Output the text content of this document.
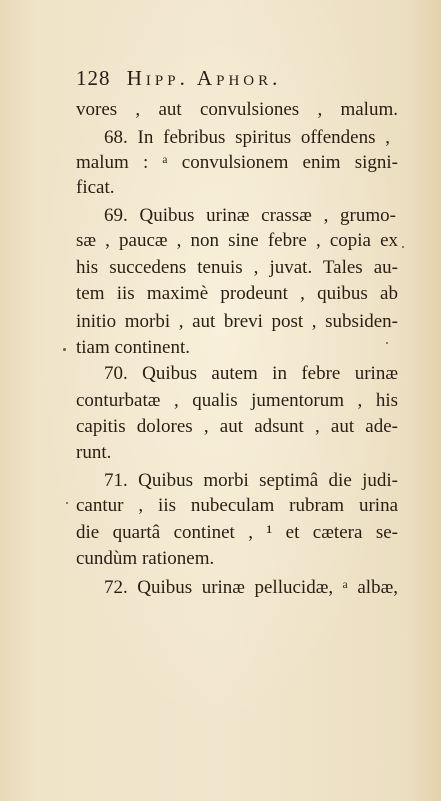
128 Hipp. Aphor.
vores , aut convulsiones , malum.
68. In febribus spiritus offendens ,
malum : ᵃ convulsionem enim signi-
ficat.
69. Quibus urinæ crassæ , grumo-
sæ , paucæ , non sine febre , copia ex
his succedens tenuis , juvat. Tales au-
tem iis maximè prodeunt , quibus ab
initio morbi , aut brevi post , subsiden-
tiam continent.
70. Quibus autem in febre urinæ
conturbatæ , qualis jumentorum , his
capitis dolores , aut adsunt , aut ade-
runt.
71. Quibus morbi septimâ die judi-
cantur , iis nubeculam rubram urina
die quartâ continet , ¹ et cætera se-
cundùm rationem.
72. Quibus urinæ pellucidæ, ᵃ albæ,
